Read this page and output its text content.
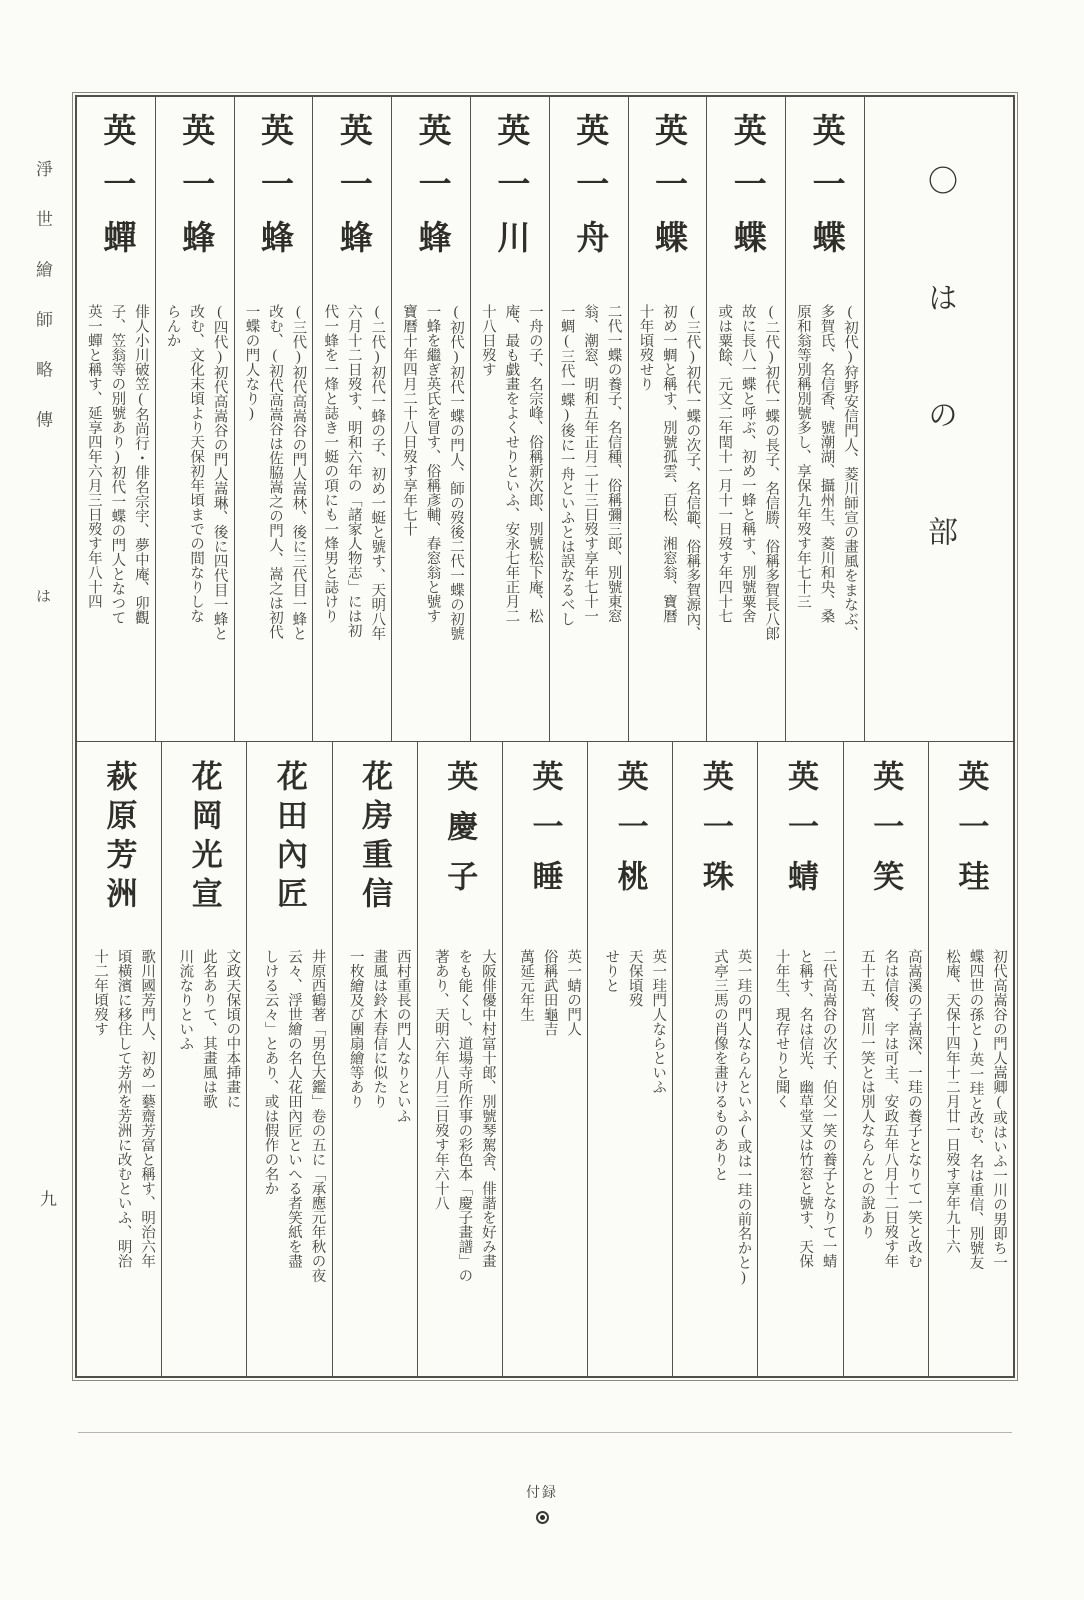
淨世繪師略傳
は
九
〇はの部
英一蝶
(初代)狩野安信門人、菱川師宣の畫風をまなぶ、
多賀氏、名信香、號潮湖、攝州生、菱川和央、桑
原和翁等別稱別號多し、享保九年歿す年七十三
英一蝶
(二代)初代一蝶の長子、名信勝、俗稱多賀長八郎
故に長八一蝶と呼ぶ、初め一蜂と稱す、別號粟舍
或は粟餘、元文二年閏十一月十一日歿す年四十七
英一蝶
(三代)初代一蝶の次子、名信範、俗稱多賀源內、
初め一蜩と稱す、別號孤雲、百松、湘窓翁、寶曆
十年頃歿せり
英一舟
二代一蝶の養子、名信種、俗稱彌三郎、別號東窓
翁、潮窓、明和五年正月二十三日歿す享年七十一
一蜩(三代一蝶)後に一舟といふとは誤なるべし
英一川
一舟の子、名宗峰、俗稱新次郎、別號松下庵、松
庵、最も戯畫をよくせりといふ、安永七年正月二
十八日歿す
英一蜂
(初代)初代一蝶の門人、師の歿後二代一蝶の初號
一蜂を繼ぎ英氏を冒す、俗稱彥輔、春窓翁と號す
寶曆十年四月二十八日歿す享年七十
英一蜂
(二代)初代一蜂の子、初め一蜓と號す、天明八年
六月十二日歿す、明和六年の「諸家人物志」には初
代一蜂を一烽と誌き一蜓の項にも一烽男と誌けり
英一蜂
(三代)初代高嵩谷の門人嵩林、後に三代目一蜂と
改む、(初代高嵩谷は佐脇嵩之の門人、嵩之は初代
一蝶の門人なり)
英一蜂
(四代)初代高嵩谷の門人嵩琳、後に四代目一蜂と
改む、文化末頃より天保初年頃までの間なりしな
らんか
英一蟬
俳人小川破笠(名尚行・俳名宗宇、夢中庵、卯觀
子、笠翁等の別號あり)初代一蝶の門人となつて
英一蟬と稱す、延享四年六月三日歿す年八十四
英一珪
初代高嵩谷の門人嵩卿(或はいふ一川の男即ち一
蝶四世の孫と)英一珪と改む、名は重信、別號友
松庵、天保十四年十二月廿一日歿す享年九十六
英一笑
高嵩溪の子嵩深、一珪の養子となりて一笑と改む
名は信俊、字は可主、安政五年八月十二日歿す年
五十五、宮川一笑とは別人ならんとの說あり
英一蜻
二代高嵩谷の次子、伯父一笑の養子となりて一蜻
と稱す、名は信光、幽草堂又は竹窓と號す、天保
十年生、現存せりと聞く
英一珠
英一珪の門人ならんといふ(或は一珪の前名かと)
式亭三馬の肖像を畫けるものありと
英一桃
英一珪門人ならといふ
天保頃歿
せりと
英一睡
英一蜻の門人
俗稱武田龜吉
萬延元年生
英慶子
大阪俳優中村富十郎、別號琴駕舍、俳諧を好み畫
をも能くし、道場寺所作事の彩色本「慶子畫譜」の
著あり、天明六年八月三日歿す年六十八
花房重信
西村重長の門人なりといふ
畫風は鈴木春信に似たり
一枚繪及び團扇繪等あり
花田內匠
井原西鶴著「男色大鑑」卷の五に「承應元年秋の夜
云々、浮世繪の名人花田內匠といへる者笑紙を盡
しける云々」とあり、或は假作の名か
花岡光宣
文政天保頃の中本挿畫に
此名ありて、其畫風は歌
川流なりといふ
萩原芳洲
歌川國芳門人、初め一藝齋芳富と稱す、明治六年
頃橫濱に移住して芳州を芳洲に改むといふ、明治
十二年頃歿す
付録
